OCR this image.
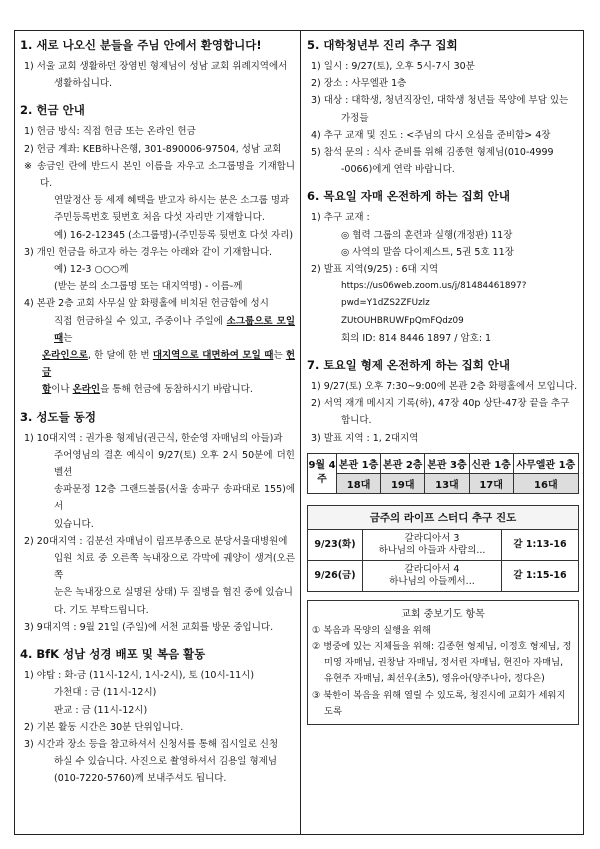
1. 새로 나오신 분들을 주님 안에서 환영합니다!

1) 서울 교회 생활하던 장염빈 형제님이 성남 교회 위례지역에서

생활하십니다.

2. 헌금 안내

1) 헌금 방식: 직접 헌금 또는 온라인 헌금

2) 헌금 계좌: KEB하나은행, 301-890006-97504, 성남 교회

※ 송금인 란에 반드시 본인 이름을 자우고 소그룹명을 기재합니다.

연말정산 등 세제 혜택을 받고자 하시는 분은 소그룹 명과

주민등록번호 뒷번호 처음 다섯 자리만 기재합니다.

예) 16-2-12345 (소그룹명)-(주민등록 뒷번호 다섯 자리)

3) 개인 헌금을 하고자 하는 경우는 아래와 같이 기재합니다.

예) 12-3 ○○○께

(받는 분의 소그룹명 또는 대지역명) - 이름-께

4) 본관 2층 교회 사무실 앞 화평홀에 비치된 헌금함에 성시

직접 헌금하실 수 있고, 주중이나 주일에 소그룹으로 모일 때는

온라인으로, 한 달에 한 번 대지역으로 대면하여 모일 때는 헌금

함이나 온라인을 통해 헌금에 동참하시기 바랍니다.

3. 성도들 동정

1) 10대지역 : 권가용 형제님(권근식, 한순영 자매님의 아들)과

주어영님의 결혼 예식이 9/27(토) 오후 2시 50분에 더힌벨션

송파문정 12층 그랜드볼룸(서울 송파구 송파대로 155)에서

있습니다.

2) 20대지역 : 김분선 자매님이 림프부종으로 분당서울대병원에

입원 치료 중 오른쪽 녹내장으로 각막에 궤양이 생겨(오른쪽

눈은 녹내장으로 실명된 상태) 두 질병을 협진 중에 있습니

다. 기도 부탁드립니다.

3) 9대지역 : 9월 21일 (주일)에 서천 교회를 방문 중입니다.

4. BfK 성남 성경 배포 및 복음 활동

1) 야탑 : 화-금 (11시-12시, 1시-2시), 토 (10시-11시)

가천대 : 금 (11시-12시)

판교 : 금 (11시-12시)

2) 기본 활동 시간은 30분 단위입니다.

3) 시간과 장소 등을 참고하셔서 신청서를 통해 집시일로 신청

하실 수 있습니다. 사진으로 촬영하셔서 김용일 형제님

(010-7220-5760)께 보내주셔도 됩니다.

5. 대학청년부 진리 추구 집회

1) 일시 : 9/27(토), 오후 5시-7시 30분

2) 장소 : 사무엘관 1층

3) 대상 : 대학생, 청년직장인, 대학생 청년들 목양에 부담 있는

가정들

4) 추구 교재 및 진도 : <주님의 다시 오심을 준비함> 4장

5) 참석 문의 : 식사 준비를 위해 김종현 형제님(010-4999

-0066)에게 연락 바랍니다.

6. 목요일 자매 온전하게 하는 집회 안내

1) 추구 교재 :

◎ 협력 그룹의 훈련과 실행(개정판) 11장

◎ 사역의 말씀 다이제스트, 5권 5호 11장

2) 발표 지역(9/25) : 6대 지역

https://us06web.zoom.us/j/81484461897?pwd=Y1dZS2ZFUzlz

ZUtOUHBRUWFpQmFQdz09

회의 ID: 814 8446 1897 / 암호: 1

7. 토요일 형제 온전하게 하는 집회 안내

1) 9/27(토) 오후 7:30~9:00에 본관 2층 화평홀에서 모입니다.

2) 서역 재개 메시지 기록(하), 47장 40p 상단-47장 끝을 추구

합니다.

3) 발표 지역 : 1, 2대지역

9월 4주	본관 1층	본관 2층	본관 3층	신관 1층	사무엘관 1층
	18대	19대	13대	17대	16대
금주의 라이프 스터디 추구 진도
9/23(화)	갈라디아서 3
하나님의 아들과 사람의...	갈 1:13-16
9/26(금)	갈라디아서 4
하나님의 아들께서...	갈 1:15-16
교회 중보기도 항목

① 복음과 목양의 실행을 위해

② 병중에 있는 지체들을 위해: 김종현 형제님, 이정호 형제님, 정미영 자매님, 권창남 자매님, 정서린 자매님, 현진아 자매님, 유현주 자매님, 최선우(초5), 영유아(양주나아, 정다은)

③ 북한이 복음을 위해 열릴 수 있도록, 청진시에 교회가 세워지도록
